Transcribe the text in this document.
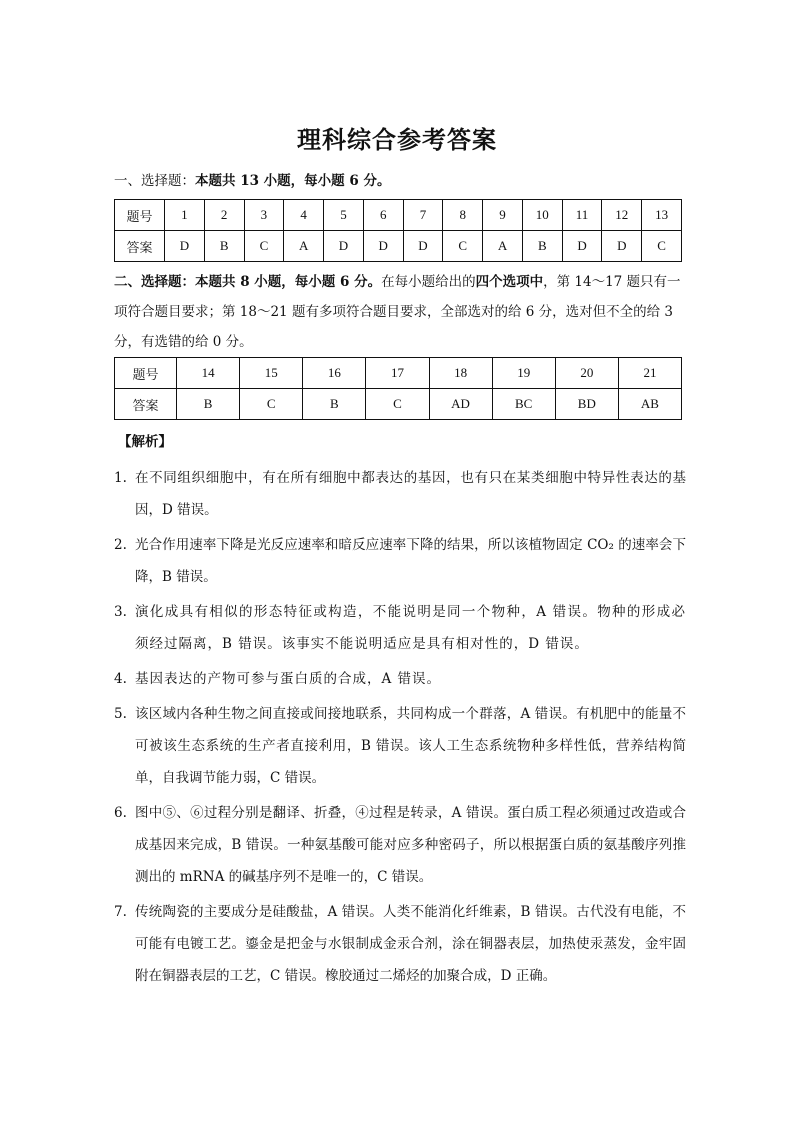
理科综合参考答案
一、选择题：本题共 13 小题，每小题 6 分。
题号	1	2	3	4	5	6	7	8	9	10	11	12	13
答案	D	B	C	A	D	D	D	C	A	B	D	D	C
二、选择题：本题共 8 小题，每小题 6 分。在每小题给出的四个选项中，第 14～17 题只有一项符合题目要求；第 18～21 题有多项符合题目要求，全部选对的给 6 分，选对但不全的给 3 分，有选错的给 0 分。
题号	14	15	16	17	18	19	20	21
答案	B	C	B	C	AD	BC	BD	AB
【解析】
1. 在不同组织细胞中，有在所有细胞中都表达的基因，也有只在某类细胞中特异性表达的基因，D 错误。
2. 光合作用速率下降是光反应速率和暗反应速率下降的结果，所以该植物固定 CO₂ 的速率会下降，B 错误。
3. 演化成具有相似的形态特征或构造，不能说明是同一个物种，A 错误。物种的形成必须经过隔离，B 错误。该事实不能说明适应是具有相对性的，D 错误。
4. 基因表达的产物可参与蛋白质的合成，A 错误。
5. 该区域内各种生物之间直接或间接地联系，共同构成一个群落，A 错误。有机肥中的能量不可被该生态系统的生产者直接利用，B 错误。该人工生态系统物种多样性低，营养结构简单，自我调节能力弱，C 错误。
6. 图中⑤、⑥过程分别是翻译、折叠，④过程是转录，A 错误。蛋白质工程必须通过改造或合成基因来完成，B 错误。一种氨基酸可能对应多种密码子，所以根据蛋白质的氨基酸序列推测出的 mRNA 的碱基序列不是唯一的，C 错误。
7. 传统陶瓷的主要成分是硅酸盐，A 错误。人类不能消化纤维素，B 错误。古代没有电能，不可能有电镀工艺。鎏金是把金与水银制成金汞合剂，涂在铜器表层，加热使汞蒸发，金牢固附在铜器表层的工艺，C 错误。橡胶通过二烯烃的加聚合成，D 正确。
